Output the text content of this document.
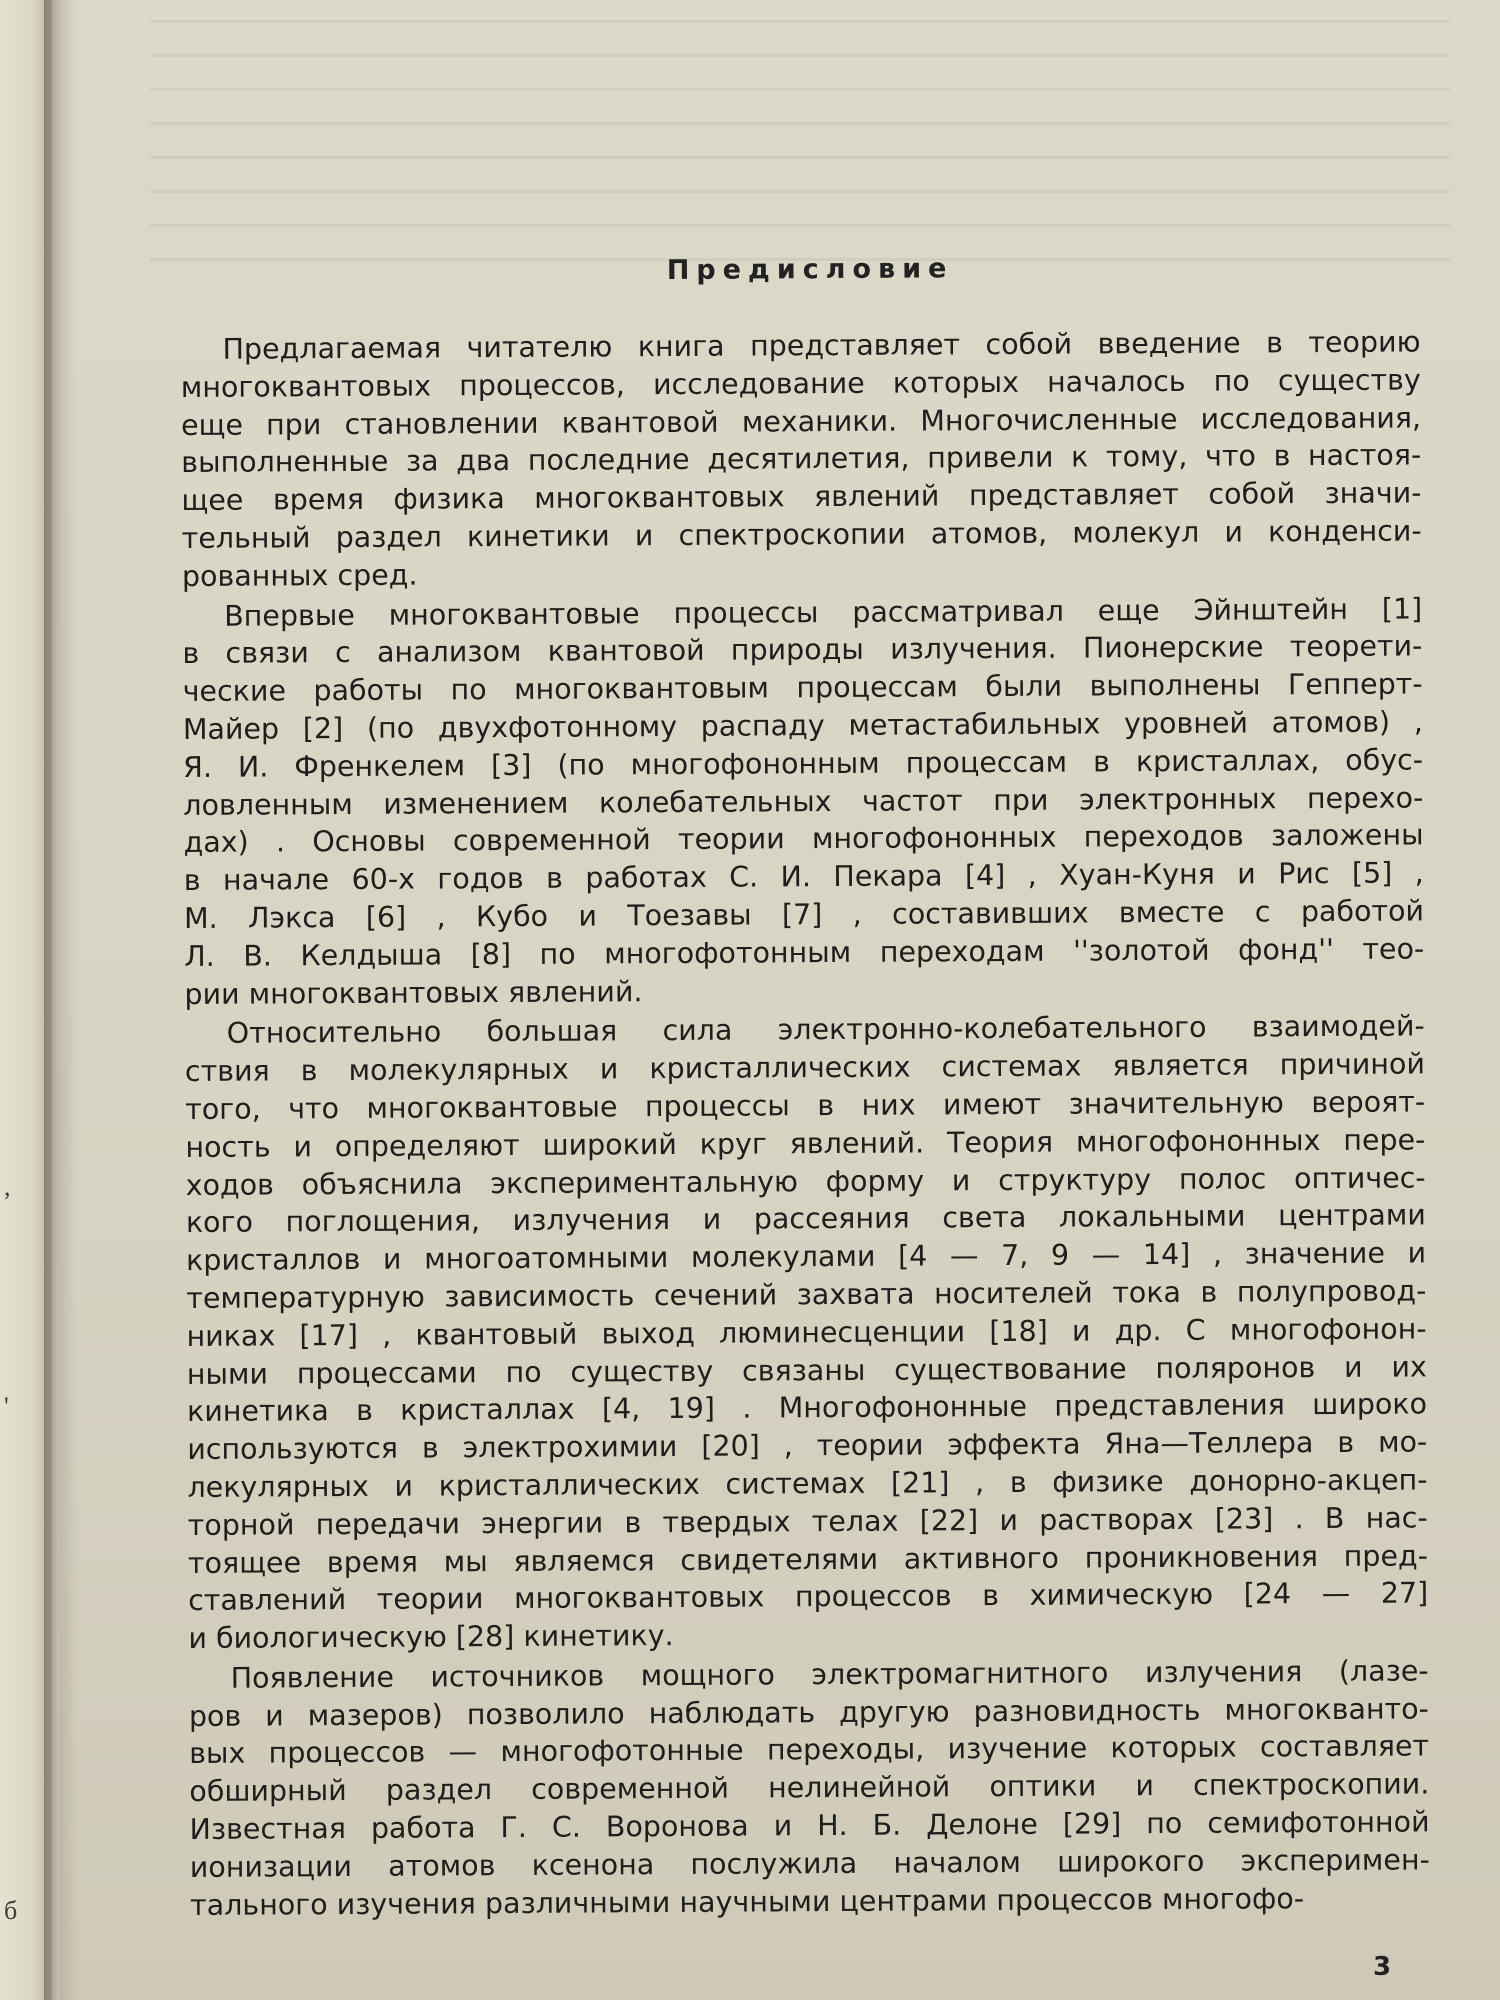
,
'
б
Предисловие

Предлагаемая читателю книга представляет собой введение в теорию
многоквантовых процессов, исследование которых началось по существу
еще при становлении квантовой механики. Многочисленные исследования,
выполненные за два последние десятилетия, привели к тому, что в настоя-
щее время физика многоквантовых явлений представляет собой значи-
тельный раздел кинетики и спектроскопии атомов, молекул и конденси-
рованных сред.

Впервые многоквантовые процессы рассматривал еще Эйнштейн [1]
в связи с анализом квантовой природы излучения. Пионерские теорети-
ческие работы по многоквантовым процессам были выполнены Гепперт-
Майер [2] (по двухфотонному распаду метастабильных уровней атомов) ,
Я. И. Френкелем [3] (по многофононным процессам в кристаллах, обус-
ловленным изменением колебательных частот при электронных перехо-
дах) . Основы современной теории многофононных переходов заложены
в начале 60-х годов в работах С. И. Пекара [4] , Хуан-Куня и Рис [5] ,
М. Лэкса [6] , Кубо и Тоезавы [7] , составивших вместе с работой
Л. В. Келдыша [8] по многофотонным переходам ''золотой фонд'' тео-
рии многоквантовых явлений.

Относительно большая сила электронно-колебательного взаимодей-
ствия в молекулярных и кристаллических системах является причиной
того, что многоквантовые процессы в них имеют значительную вероят-
ность и определяют широкий круг явлений. Теория многофононных пере-
ходов объяснила экспериментальную форму и структуру полос оптичес-
кого поглощения, излучения и рассеяния света локальными центрами
кристаллов и многоатомными молекулами [4 — 7, 9 — 14] , значение и
температурную зависимость сечений захвата носителей тока в полупровод-
никах [17] , квантовый выход люминесценции [18] и др. С многофонон-
ными процессами по существу связаны существование поляронов и их
кинетика в кристаллах [4, 19] . Многофононные представления широко
используются в электрохимии [20] , теории эффекта Яна—Теллера в мо-
лекулярных и кристаллических системах [21] , в физике донорно-акцеп-
торной передачи энергии в твердых телах [22] и растворах [23] . В нас-
тоящее время мы являемся свидетелями активного проникновения пред-
ставлений теории многоквантовых процессов в химическую [24 — 27]
и биологическую [28] кинетику.

Появление источников мощного электромагнитного излучения (лазе-
ров и мазеров) позволило наблюдать другую разновидность многокванто-
вых процессов — многофотонные переходы, изучение которых составляет
обширный раздел современной нелинейной оптики и спектроскопии.
Известная работа Г. С. Воронова и Н. Б. Делоне [29] по семифотонной
ионизации атомов ксенона послужила началом широкого эксперимен-
тального изучения различными научными центрами процессов многофо-

3
